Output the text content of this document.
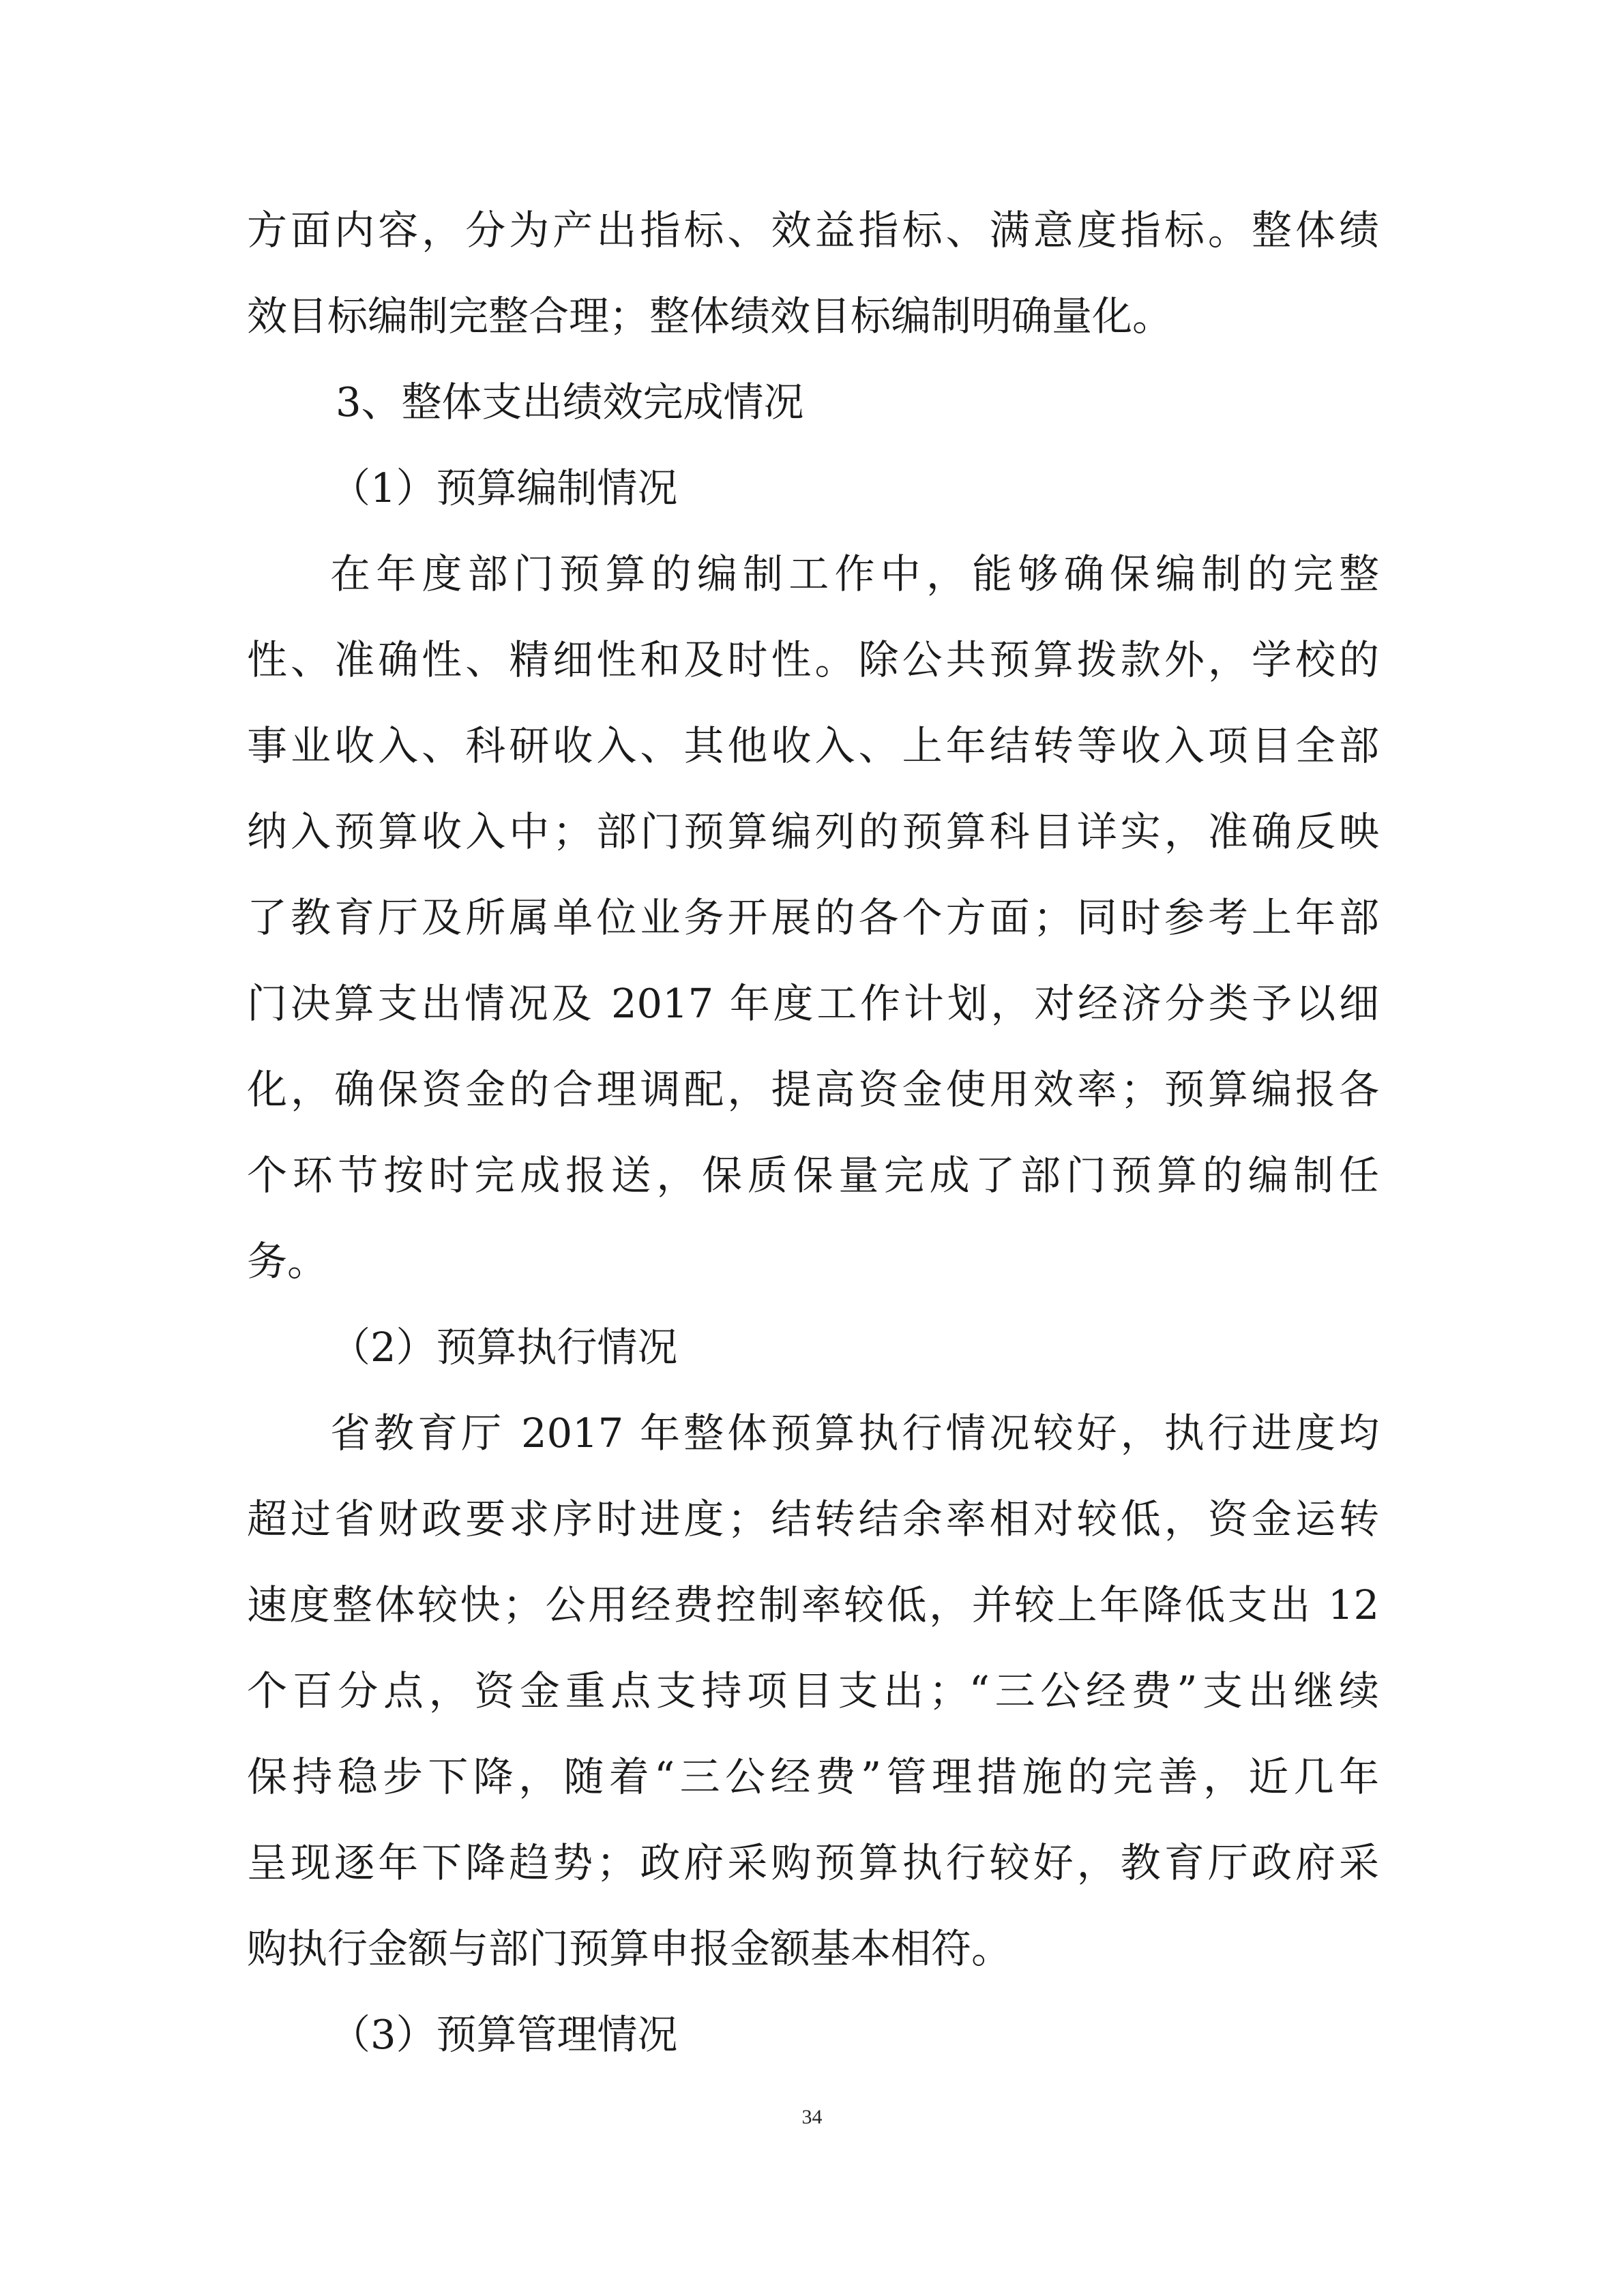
方面内容，分为产出指标、效益指标、满意度指标。整体绩
效目标编制完整合理；整体绩效目标编制明确量化。
3、整体支出绩效完成情况
（1）预算编制情况
在年度部门预算的编制工作中，能够确保编制的完整
性、准确性、精细性和及时性。除公共预算拨款外，学校的
事业收入、科研收入、其他收入、上年结转等收入项目全部
纳入预算收入中；部门预算编列的预算科目详实，准确反映
了教育厅及所属单位业务开展的各个方面；同时参考上年部
门决算支出情况及 2017 年度工作计划，对经济分类予以细
化，确保资金的合理调配，提高资金使用效率；预算编报各
个环节按时完成报送，保质保量完成了部门预算的编制任
务。
（2）预算执行情况
省教育厅 2017 年整体预算执行情况较好，执行进度均
超过省财政要求序时进度；结转结余率相对较低，资金运转
速度整体较快；公用经费控制率较低，并较上年降低支出 12
个百分点，资金重点支持项目支出；“三公经费”支出继续
保持稳步下降，随着“三公经费”管理措施的完善，近几年
呈现逐年下降趋势；政府采购预算执行较好，教育厅政府采
购执行金额与部门预算申报金额基本相符。
（3）预算管理情况
34
